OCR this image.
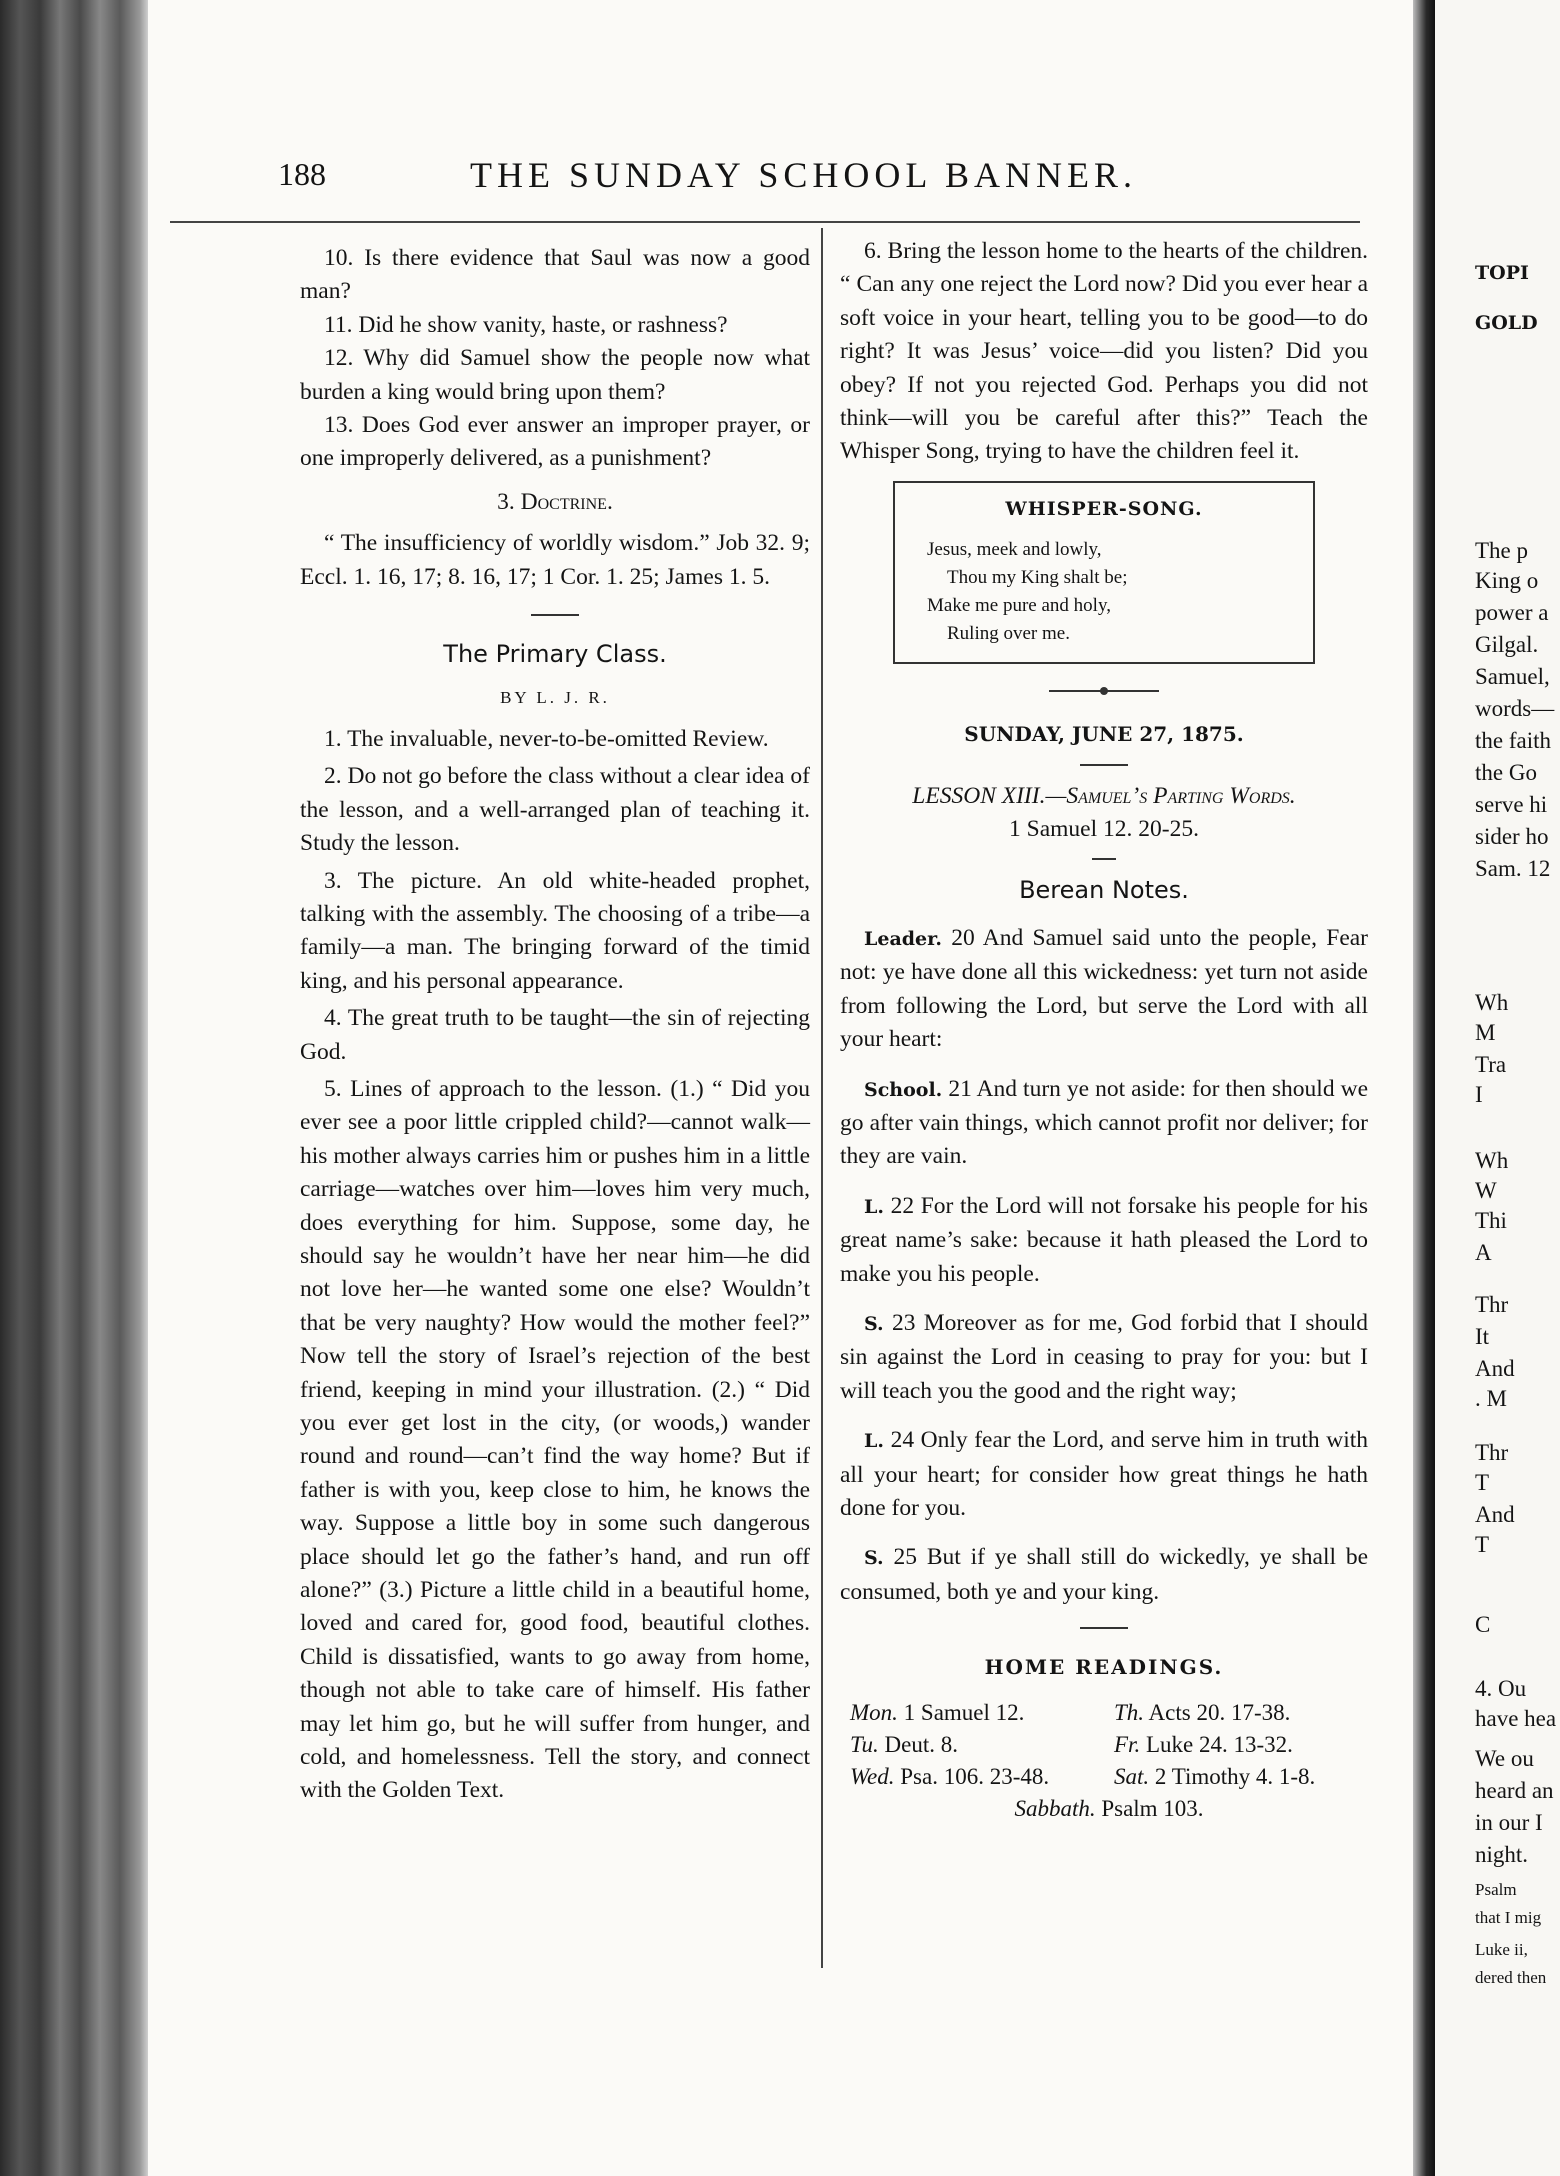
188	THE SUNDAY SCHOOL BANNER.

10. Is there evidence that Saul was now a good man?

11. Did he show vanity, haste, or rashness?

12. Why did Samuel show the people now what burden a king would bring upon them?

13. Does God ever answer an improper prayer, or one improperly delivered, as a punishment?

3. Doctrine.

“ The insufficiency of worldly wisdom.” Job 32. 9; Eccl. 1. 16, 17; 8. 16, 17; 1 Cor. 1. 25; James 1. 5.

The Primary Class.
BY L. J. R.

1. The invaluable, never-to-be-omitted Review.

2. Do not go before the class without a clear idea of the lesson, and a well-arranged plan of teaching it. Study the lesson.

3. The picture. An old white-headed prophet, talking with the assembly. The choosing of a tribe—a family—a man. The bringing forward of the timid king, and his personal appearance.

4. The great truth to be taught—the sin of rejecting God.

5. Lines of approach to the lesson. (1.) “ Did you ever see a poor little crippled child?—cannot walk—his mother always carries him or pushes him in a little carriage—watches over him—loves him very much, does everything for him. Suppose, some day, he should say he wouldn’t have her near him—he did not love her—he wanted some one else? Wouldn’t that be very naughty? How would the mother feel?” Now tell the story of Israel’s rejection of the best friend, keeping in mind your illustration. (2.) “ Did you ever get lost in the city, (or woods,) wander round and round—can’t find the way home? But if father is with you, keep close to him, he knows the way. Suppose a little boy in some such dangerous place should let go the father’s hand, and run off alone?” (3.) Picture a little child in a beautiful home, loved and cared for, good food, beautiful clothes. Child is dissatisfied, wants to go away from home, though not able to take care of himself. His father may let him go, but he will suffer from hunger, and cold, and homelessness. Tell the story, and connect with the Golden Text.

6. Bring the lesson home to the hearts of the children. “ Can any one reject the Lord now? Did you ever hear a soft voice in your heart, telling you to be good—to do right? It was Jesus’ voice—did you listen? Did you obey? If not you rejected God. Perhaps you did not think—will you be careful after this?” Teach the Whisper Song, trying to have the children feel it.

WHISPER-SONG.
Jesus, meek and lowly,
Thou my King shalt be;
Make me pure and holy,
Ruling over me.
SUNDAY, JUNE 27, 1875.

LESSON XIII.—Samuel’s Parting Words.

1 Samuel 12. 20-25.

Berean Notes.

Leader. 20 And Samuel said unto the people, Fear not: ye have done all this wickedness: yet turn not aside from following the Lord, but serve the Lord with all your heart:

School. 21 And turn ye not aside: for then should we go after vain things, which cannot profit nor deliver; for they are vain.

L. 22 For the Lord will not forsake his people for his great name’s sake: because it hath pleased the Lord to make you his people.

S. 23 Moreover as for me, God forbid that I should sin against the Lord in ceasing to pray for you: but I will teach you the good and the right way;

L. 24 Only fear the Lord, and serve him in truth with all your heart; for consider how great things he hath done for you.

S. 25 But if ye shall still do wickedly, ye shall be consumed, both ye and your king.

HOME READINGS.
Mon. 1 Samuel 12.	Th. Acts 20. 17-38.
Tu. Deut. 8.	Fr. Luke 24. 13-32.
Wed. Psa. 106. 23-48.	Sat. 2 Timothy 4. 1-8.
Sabbath. Psalm 103.
TOPI
GOLD
The p
King o
power a
Gilgal.
Samuel,
words—
the faith
the Go
serve hi
sider ho
Sam. 12
Wh
M
Tra
I
Wh
W
Thi
A
Thr
It
And
. M
Thr
T
And
T
C
4. Ou
have hea
We ou
heard an
in our I
night.
Psalm
that I mig
Luke ii,
dered then
